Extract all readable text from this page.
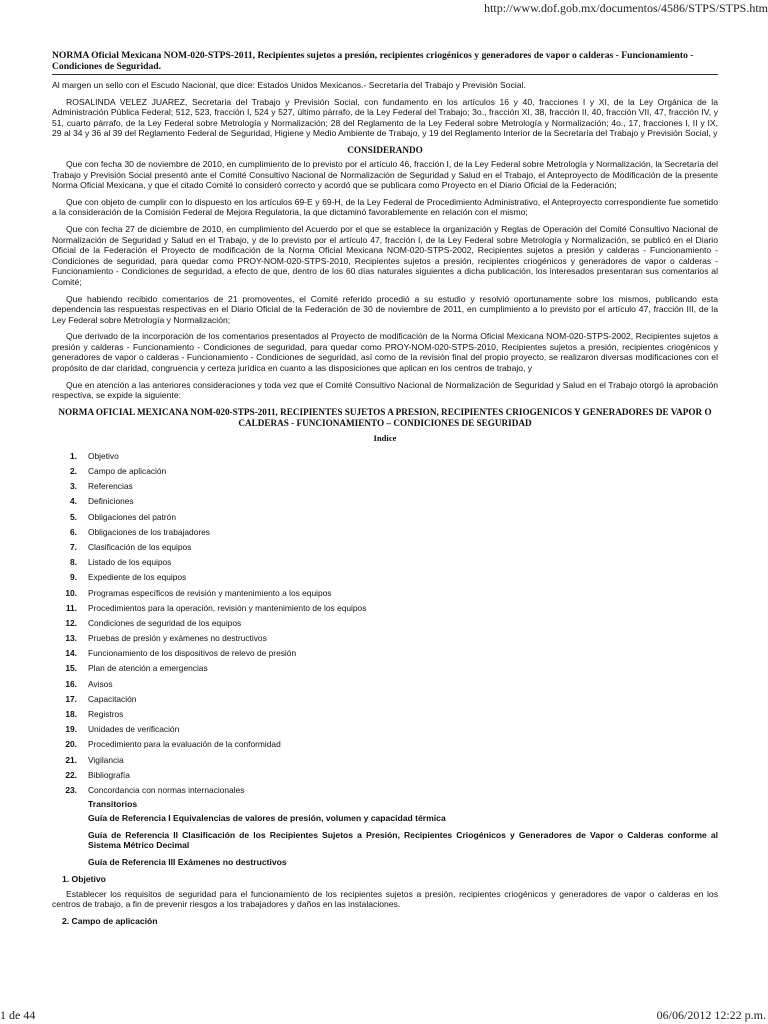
http://www.dof.gob.mx/documentos/4586/STPS/STPS.htm
NORMA Oficial Mexicana NOM-020-STPS-2011, Recipientes sujetos a presión, recipientes criogénicos y generadores de vapor o calderas - Funcionamiento - Condiciones de Seguridad.

Al margen un sello con el Escudo Nacional, que dice: Estados Unidos Mexicanos.- Secretaría del Trabajo y Previsión Social.

ROSALINDA VELEZ JUAREZ, Secretaria del Trabajo y Previsión Social, con fundamento en los artículos 16 y 40, fracciones I y XI, de la Ley Orgánica de la Administración Pública Federal; 512, 523, fracción I, 524 y 527, último párrafo, de la Ley Federal del Trabajo; 3o., fracción XI, 38, fracción II, 40, fracción VII, 47, fracción IV, y 51, cuarto párrafo, de la Ley Federal sobre Metrología y Normalización; 28 del Reglamento de la Ley Federal sobre Metrología y Normalización; 4o., 17, fracciones I, II y IX, 29 al 34 y 36 al 39 del Reglamento Federal de Seguridad, Higiene y Medio Ambiente de Trabajo, y 19 del Reglamento Interior de la Secretaría del Trabajo y Previsión Social, y

CONSIDERANDO

Que con fecha 30 de noviembre de 2010, en cumplimiento de lo previsto por el artículo 46, fracción I, de la Ley Federal sobre Metrología y Normalización, la Secretaría del Trabajo y Previsión Social presentó ante el Comité Consultivo Nacional de Normalización de Seguridad y Salud en el Trabajo, el Anteproyecto de Modificación de la presente Norma Oficial Mexicana, y que el citado Comité lo consideró correcto y acordó que se publicara como Proyecto en el Diario Oficial de la Federación;

Que con objeto de cumplir con lo dispuesto en los artículos 69-E y 69-H, de la Ley Federal de Procedimiento Administrativo, el Anteproyecto correspondiente fue sometido a la consideración de la Comisión Federal de Mejora Regulatoria, la que dictaminó favorablemente en relación con el mismo;

Que con fecha 27 de diciembre de 2010, en cumplimiento del Acuerdo por el que se establece la organización y Reglas de Operación del Comité Consultivo Nacional de Normalización de Seguridad y Salud en el Trabajo, y de lo previsto por el artículo 47, fracción I, de la Ley Federal sobre Metrología y Normalización, se publicó en el Diario Oficial de la Federación el Proyecto de modificación de la Norma Oficial Mexicana NOM-020-STPS-2002, Recipientes sujetos a presión y calderas - Funcionamiento - Condiciones de seguridad, para quedar como PROY-NOM-020-STPS-2010, Recipientes sujetos a presión, recipientes criogénicos y generadores de vapor o calderas - Funcionamiento - Condiciones de seguridad, a efecto de que, dentro de los 60 días naturales siguientes a dicha publicación, los interesados presentaran sus comentarios al Comité;

Que habiendo recibido comentarios de 21 promoventes, el Comité referido procedió a su estudio y resolvió oportunamente sobre los mismos, publicando esta dependencia las respuestas respectivas en el Diario Oficial de la Federación de 30 de noviembre de 2011, en cumplimiento a lo previsto por el artículo 47, fracción III, de la Ley Federal sobre Metrología y Normalización;

Que derivado de la incorporación de los comentarios presentados al Proyecto de modificación de la Norma Oficial Mexicana NOM-020-STPS-2002, Recipientes sujetos a presión y calderas - Funcionamiento - Condiciones de seguridad, para quedar como PROY-NOM-020-STPS-2010, Recipientes sujetos a presión, recipientes criogénicos y generadores de vapor o calderas - Funcionamiento - Condiciones de seguridad, así como de la revisión final del propio proyecto, se realizaron diversas modificaciones con el propósito de dar claridad, congruencia y certeza jurídica en cuanto a las disposiciones que aplican en los centros de trabajo, y

Que en atención a las anteriores consideraciones y toda vez que el Comité Consultivo Nacional de Normalización de Seguridad y Salud en el Trabajo otorgó la aprobación respectiva, se expide la siguiente:

NORMA OFICIAL MEXICANA NOM-020-STPS-2011, RECIPIENTES SUJETOS A PRESION, RECIPIENTES CRIOGENICOS Y GENERADORES DE VAPOR O CALDERAS - FUNCIONAMIENTO – CONDICIONES DE SEGURIDAD
Indice
1. Objetivo
2. Campo de aplicación
3. Referencias
4. Definiciones
5. Obligaciones del patrón
6. Obligaciones de los trabajadores
7. Clasificación de los equipos
8. Listado de los equipos
9. Expediente de los equipos
10. Programas específicos de revisión y mantenimiento a los equipos
11. Procedimientos para la operación, revisión y mantenimiento de los equipos
12. Condiciones de seguridad de los equipos
13. Pruebas de presión y exámenes no destructivos
14. Funcionamiento de los dispositivos de relevo de presión
15. Plan de atención a emergencias
16. Avisos
17. Capacitación
18. Registros
19. Unidades de verificación
20. Procedimiento para la evaluación de la conformidad
21. Vigilancia
22. Bibliografía
23. Concordancia con normas internacionales
Transitorios
Guía de Referencia I Equivalencias de valores de presión, volumen y capacidad térmica
Guía de Referencia II Clasificación de los Recipientes Sujetos a Presión, Recipientes Criogénicos y Generadores de Vapor o Calderas conforme al Sistema Métrico Decimal
Guía de Referencia III Exámenes no destructivos
1. Objetivo

Establecer los requisitos de seguridad para el funcionamiento de los recipientes sujetos a presión, recipientes criogénicos y generadores de vapor o calderas en los centros de trabajo, a fin de prevenir riesgos a los trabajadores y daños en las instalaciones.

2. Campo de aplicación
1 de 44	06/06/2012 12:22 p.m.
